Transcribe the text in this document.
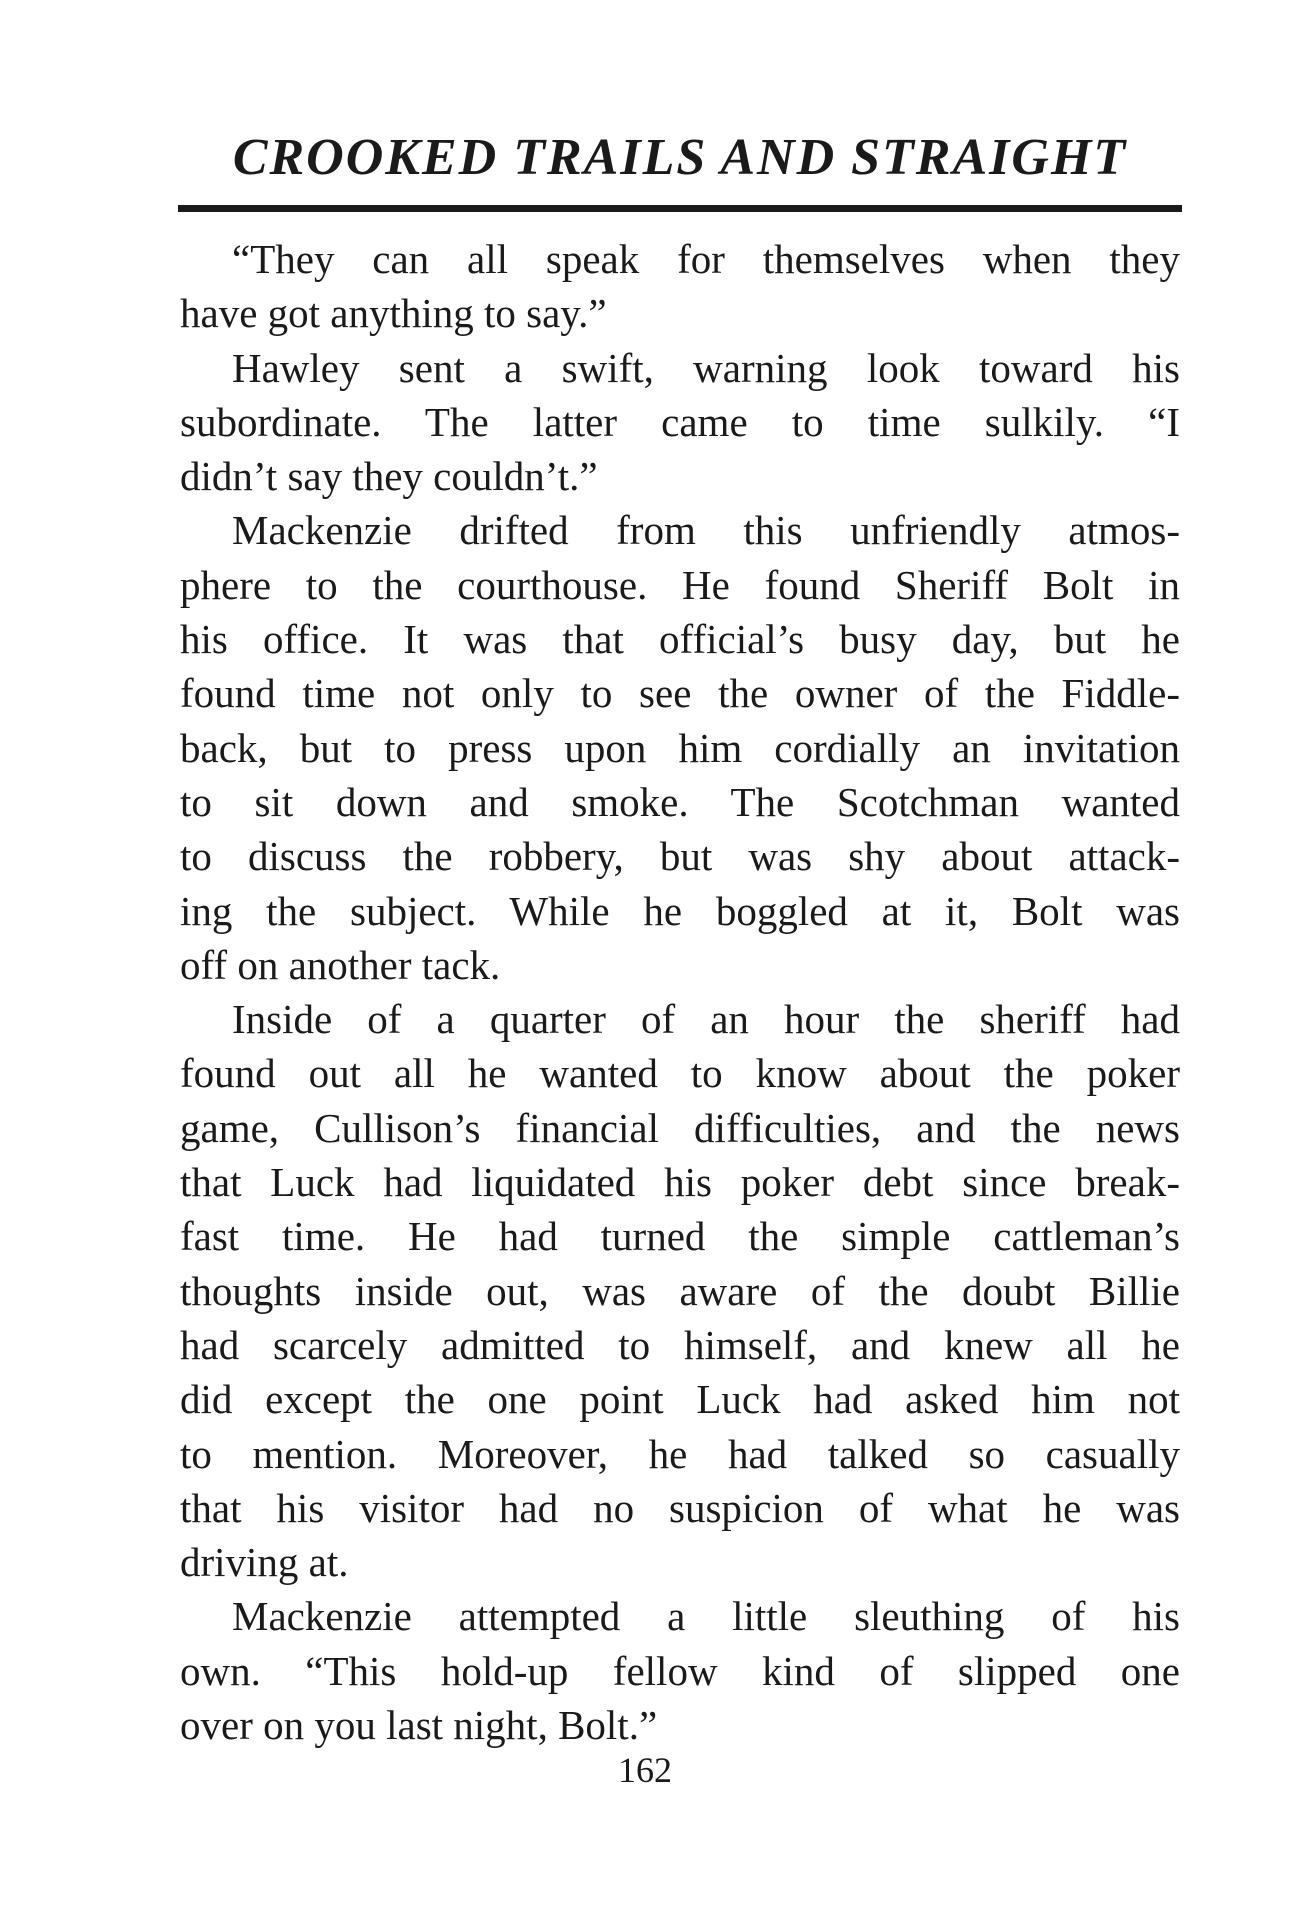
CROOKED TRAILS AND STRAIGHT
“They can all speak for themselves when they
have got anything to say.”
Hawley sent a swift, warning look toward his
subordinate. The latter came to time sulkily. “I
didn’t say they couldn’t.”
Mackenzie drifted from this unfriendly atmos-
phere to the courthouse. He found Sheriff Bolt in
his office. It was that official’s busy day, but he
found time not only to see the owner of the Fiddle-
back, but to press upon him cordially an invitation
to sit down and smoke. The Scotchman wanted
to discuss the robbery, but was shy about attack-
ing the subject. While he boggled at it, Bolt was
off on another tack.
Inside of a quarter of an hour the sheriff had
found out all he wanted to know about the poker
game, Cullison’s financial difficulties, and the news
that Luck had liquidated his poker debt since break-
fast time. He had turned the simple cattleman’s
thoughts inside out, was aware of the doubt Billie
had scarcely admitted to himself, and knew all he
did except the one point Luck had asked him not
to mention. Moreover, he had talked so casually
that his visitor had no suspicion of what he was
driving at.
Mackenzie attempted a little sleuthing of his
own. “This hold-up fellow kind of slipped one
over on you last night, Bolt.”
162
